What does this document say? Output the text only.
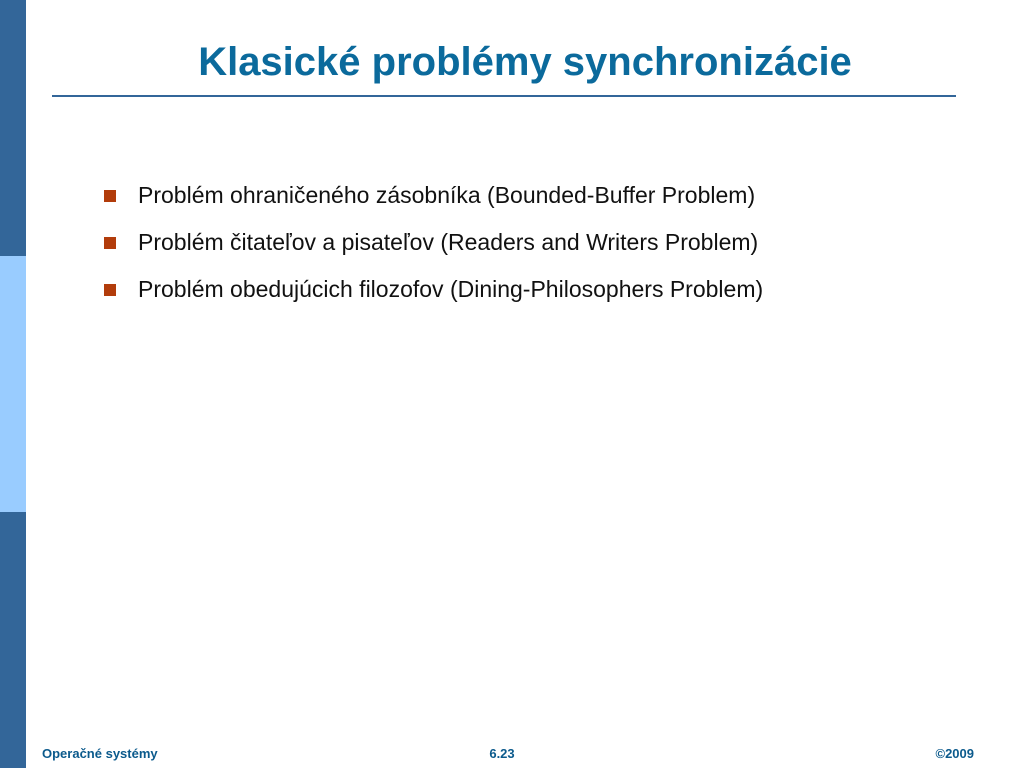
Klasické problémy synchronizácie
Problém ohraničeného zásobníka (Bounded-Buffer Problem)
Problém čitateľov a pisateľov (Readers and Writers Problem)
Problém obedujúcich filozofov (Dining-Philosophers Problem)
Operačné systémy	6.23	©2009
